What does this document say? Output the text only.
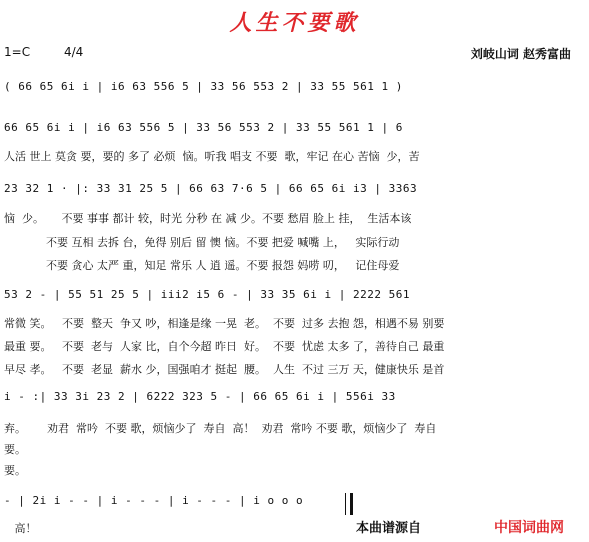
人生不要歌
1=C	4/4	刘岐山词 赵秀富曲
( 66 65 6i i | i6 63 556 5 | 33 56 553 2 | 33 55 561 1 )
66 65 6i i | i6 63 556 5 | 33 56 553 2 | 33 55 561 1 | 6
人活 世上 莫贪 要，要的 多了 必烦  恼。听我 唱支 不要  歌，牢记 在心 苦恼  少，苦
23 32 1 · |: 33 31 25 5 | 66 63 7·6 5 | 66 65 6i i3 | 3363
恼  少。     不要 事事 都计 较，时光 分秒 在 减 少。不要 愁眉 脸上 挂，  生活本该
不要 互相 去拆 台，免得 别后 留 懊 恼。不要 把爱 喊嘴 上，   实际行动
不要 贪心 太严 重，知足 常乐 人 逍 遥。不要 报怨 妈唠 叨，   记住母爱
53 2 - | 55 51 25 5 | iii2 i5 6 - | 33 35 6i i | 2222 561
常微 笑。   不要  整天  争又 吵，相逢是缘 一晃  老。  不要  过多 去抱 怨，相遇不易 别要
最重 要。   不要  老与  人家 比，自个今超 昨日  好。  不要  忧虑 太多 了，善待自己 最重
早尽 孝。   不要  老显  薪水 少，国强咱才 挺起  腰。  人生  不过 三万 天，健康快乐 是首
i - :| 33 3i 23 2 | 6222 323 5 - | 66 65 6i i | 556i 33
弃。      劝君  常吟  不要 歌，烦恼少了  寿自  高！  劝君  常吟 不要 歌，烦恼少了  寿自
要。
要。
- | 2i i - - | i - - - | i - - - | i o o o
高！	本曲谱源自	中国词曲网
